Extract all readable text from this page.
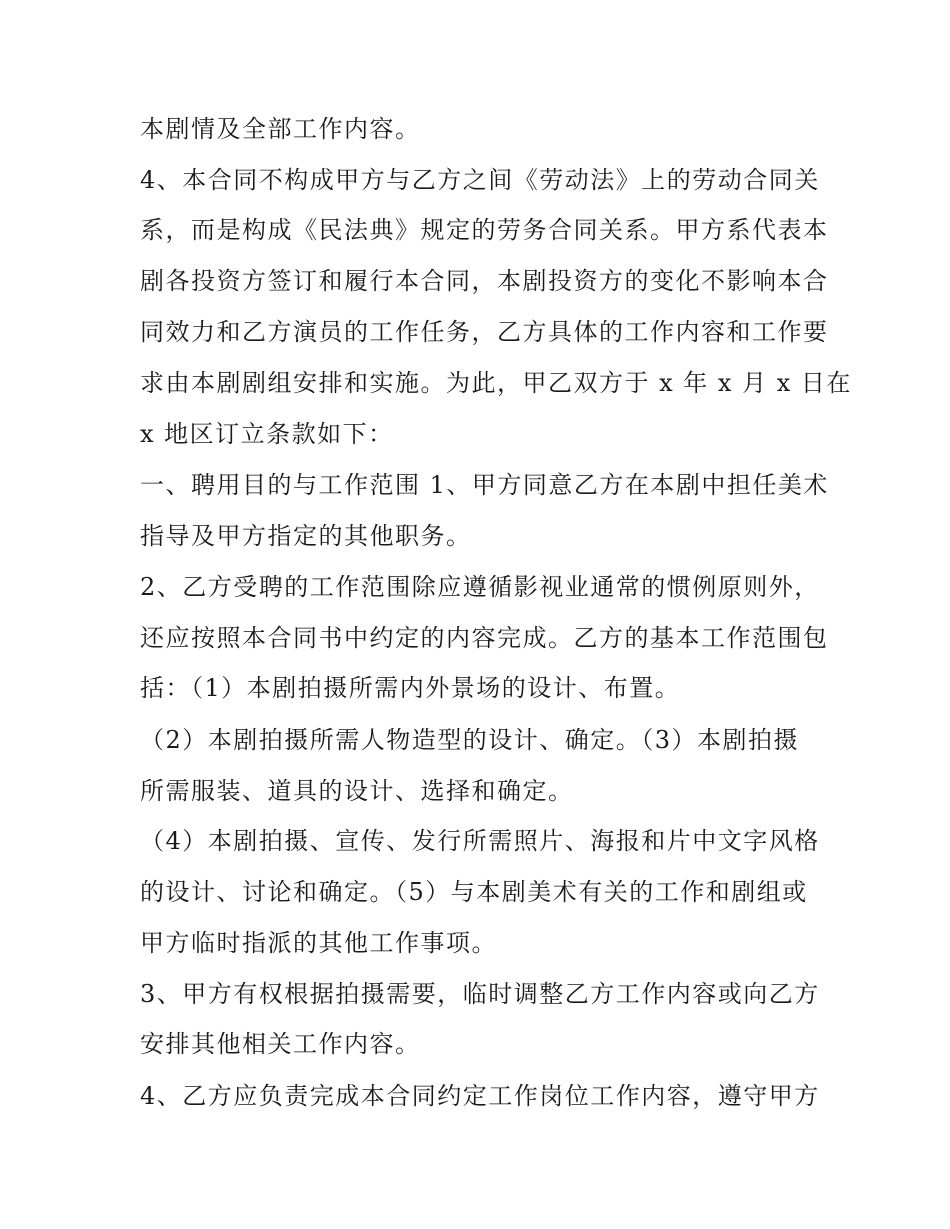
本剧情及全部工作内容。

4、本合同不构成甲方与乙方之间《劳动法》上的劳动合同关

系，而是构成《民法典》规定的劳务合同关系。甲方系代表本

剧各投资方签订和履行本合同，本剧投资方的变化不影响本合

同效力和乙方演员的工作任务，乙方具体的工作内容和工作要

求由本剧剧组安排和实施。为此，甲乙双方于 x 年 x 月 x 日在

x 地区订立条款如下：

一、聘用目的与工作范围 1、甲方同意乙方在本剧中担任美术

指导及甲方指定的其他职务。

2、乙方受聘的工作范围除应遵循影视业通常的惯例原则外，

还应按照本合同书中约定的内容完成。乙方的基本工作范围包

括：（1）本剧拍摄所需内外景场的设计、布置。

（2）本剧拍摄所需人物造型的设计、确定。（3）本剧拍摄

所需服装、道具的设计、选择和确定。

（4）本剧拍摄、宣传、发行所需照片、海报和片中文字风格

的设计、讨论和确定。（5）与本剧美术有关的工作和剧组或

甲方临时指派的其他工作事项。

3、甲方有权根据拍摄需要，临时调整乙方工作内容或向乙方

安排其他相关工作内容。

4、乙方应负责完成本合同约定工作岗位工作内容，遵守甲方
